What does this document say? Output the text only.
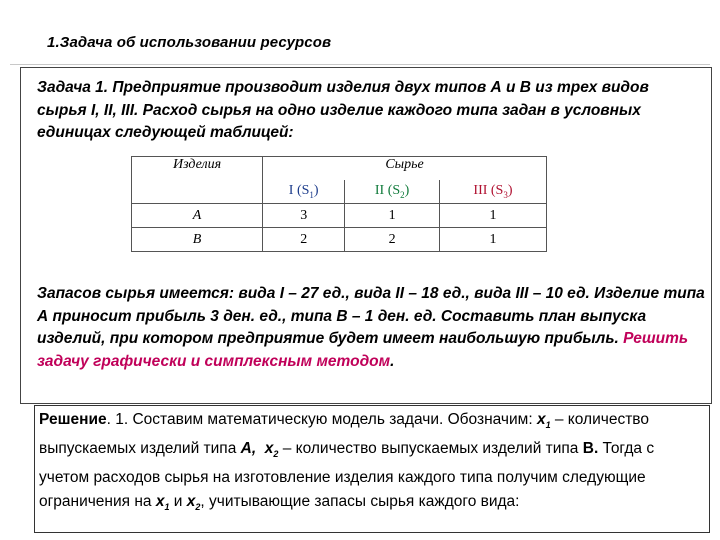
1.Задача об использовании ресурсов
Задача 1. Предприятие производит изделия двух типов А и В из трех видов сырья I, II, III. Расход сырья на одно изделие каждого типа задан в условных единицах следующей таблицей:
Изделия	Сырье		
	I $(S_1)$	II $(S_2)$	III $(S_3)$
A	3	1	1
B	2	2	1
Запасов сырья имеется: вида I – 27 ед., вида II – 18 ед., вида III – 10 ед. Изделие типа А приносит прибыль 3 ден. ед., типа В – 1 ден. ед. Составить план выпуска изделий, при котором предприятие будет имеет наибольшую прибыль. Решить задачу графически и симплексным методом.
Решение. 1. Составим математическую модель задачи. Обозначим: $x_1$ – количество выпускаемых изделий типа А, $x_2$ – количество выпускаемых изделий типа В. Тогда с учетом расходов сырья на изготовление изделия каждого типа получим следующие ограничения на $x_1$ и $x_2$, учитывающие запасы сырья каждого вида:
